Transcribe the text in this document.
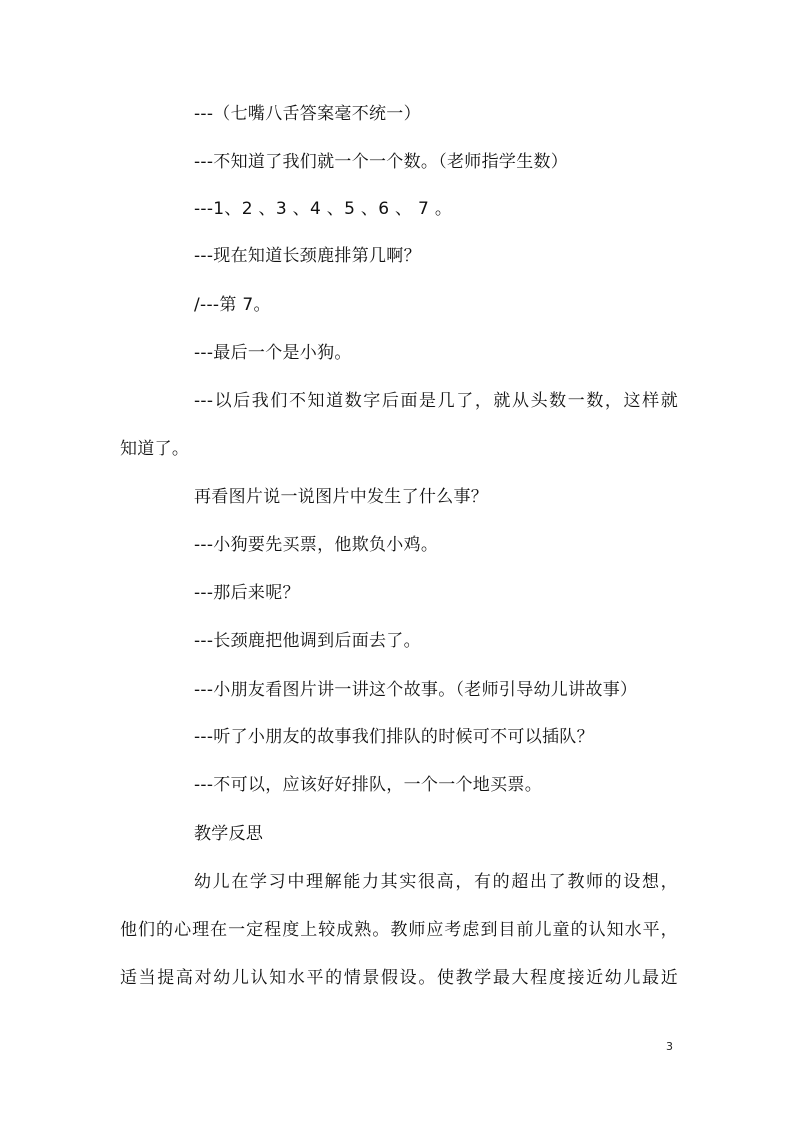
---（七嘴八舌答案毫不统一）
---不知道了我们就一个一个数。（老师指学生数）
---1、2 、3 、4 、5 、6 、 7 。
---现在知道长颈鹿排第几啊？
/---第 7。
---最后一个是小狗。
---以后我们不知道数字后面是几了，就从头数一数，这样就
知道了。
再看图片说一说图片中发生了什么事？
---小狗要先买票，他欺负小鸡。
---那后来呢？
---长颈鹿把他调到后面去了。
---小朋友看图片讲一讲这个故事。（老师引导幼儿讲故事）
---听了小朋友的故事我们排队的时候可不可以插队？
---不可以，应该好好排队，一个一个地买票。
教学反思
幼儿在学习中理解能力其实很高，有的超出了教师的设想，
他们的心理在一定程度上较成熟。教师应考虑到目前儿童的认知水平，
适当提高对幼儿认知水平的情景假设。使教学最大程度接近幼儿最近
3
